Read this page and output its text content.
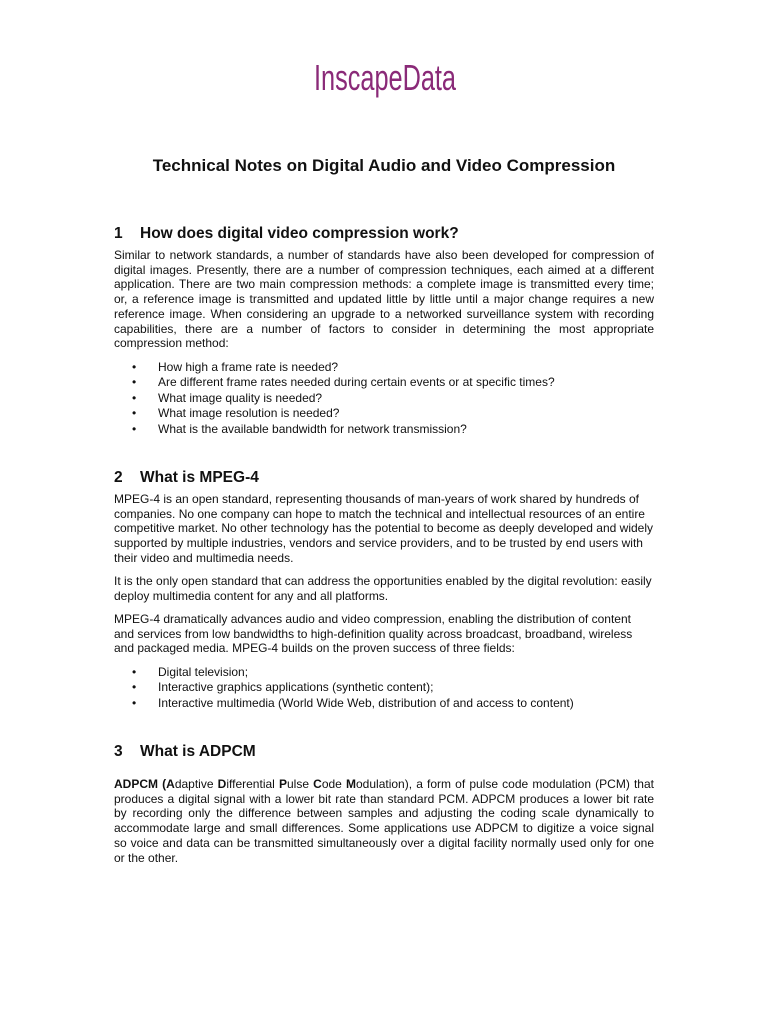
InscapeData
Technical Notes on Digital Audio and Video Compression
1 How does digital video compression work?

Similar to network standards, a number of standards have also been developed for compression of digital images. Presently, there are a number of compression techniques, each aimed at a different application. There are two main compression methods: a complete image is transmitted every time; or, a reference image is transmitted and updated little by little until a major change requires a new reference image. When considering an upgrade to a networked surveillance system with recording capabilities, there are a number of factors to consider in determining the most appropriate compression method:

• How high a frame rate is needed?
• Are different frame rates needed during certain events or at specific times?
• What image quality is needed?
• What image resolution is needed?
• What is the available bandwidth for network transmission?
2 What is MPEG-4

MPEG-4 is an open standard, representing thousands of man-years of work shared by hundreds of companies. No one company can hope to match the technical and intellectual resources of an entire competitive market. No other technology has the potential to become as deeply developed and widely supported by multiple industries, vendors and service providers, and to be trusted by end users with their video and multimedia needs.

It is the only open standard that can address the opportunities enabled by the digital revolution: easily deploy multimedia content for any and all platforms.

MPEG-4 dramatically advances audio and video compression, enabling the distribution of content and services from low bandwidths to high-definition quality across broadcast, broadband, wireless and packaged media. MPEG-4 builds on the proven success of three fields:

• Digital television;
• Interactive graphics applications (synthetic content);
• Interactive multimedia (World Wide Web, distribution of and access to content)
3 What is ADPCM

ADPCM (Adaptive Differential Pulse Code Modulation), a form of pulse code modulation (PCM) that produces a digital signal with a lower bit rate than standard PCM. ADPCM produces a lower bit rate by recording only the difference between samples and adjusting the coding scale dynamically to accommodate large and small differences. Some applications use ADPCM to digitize a voice signal so voice and data can be transmitted simultaneously over a digital facility normally used only for one or the other.
